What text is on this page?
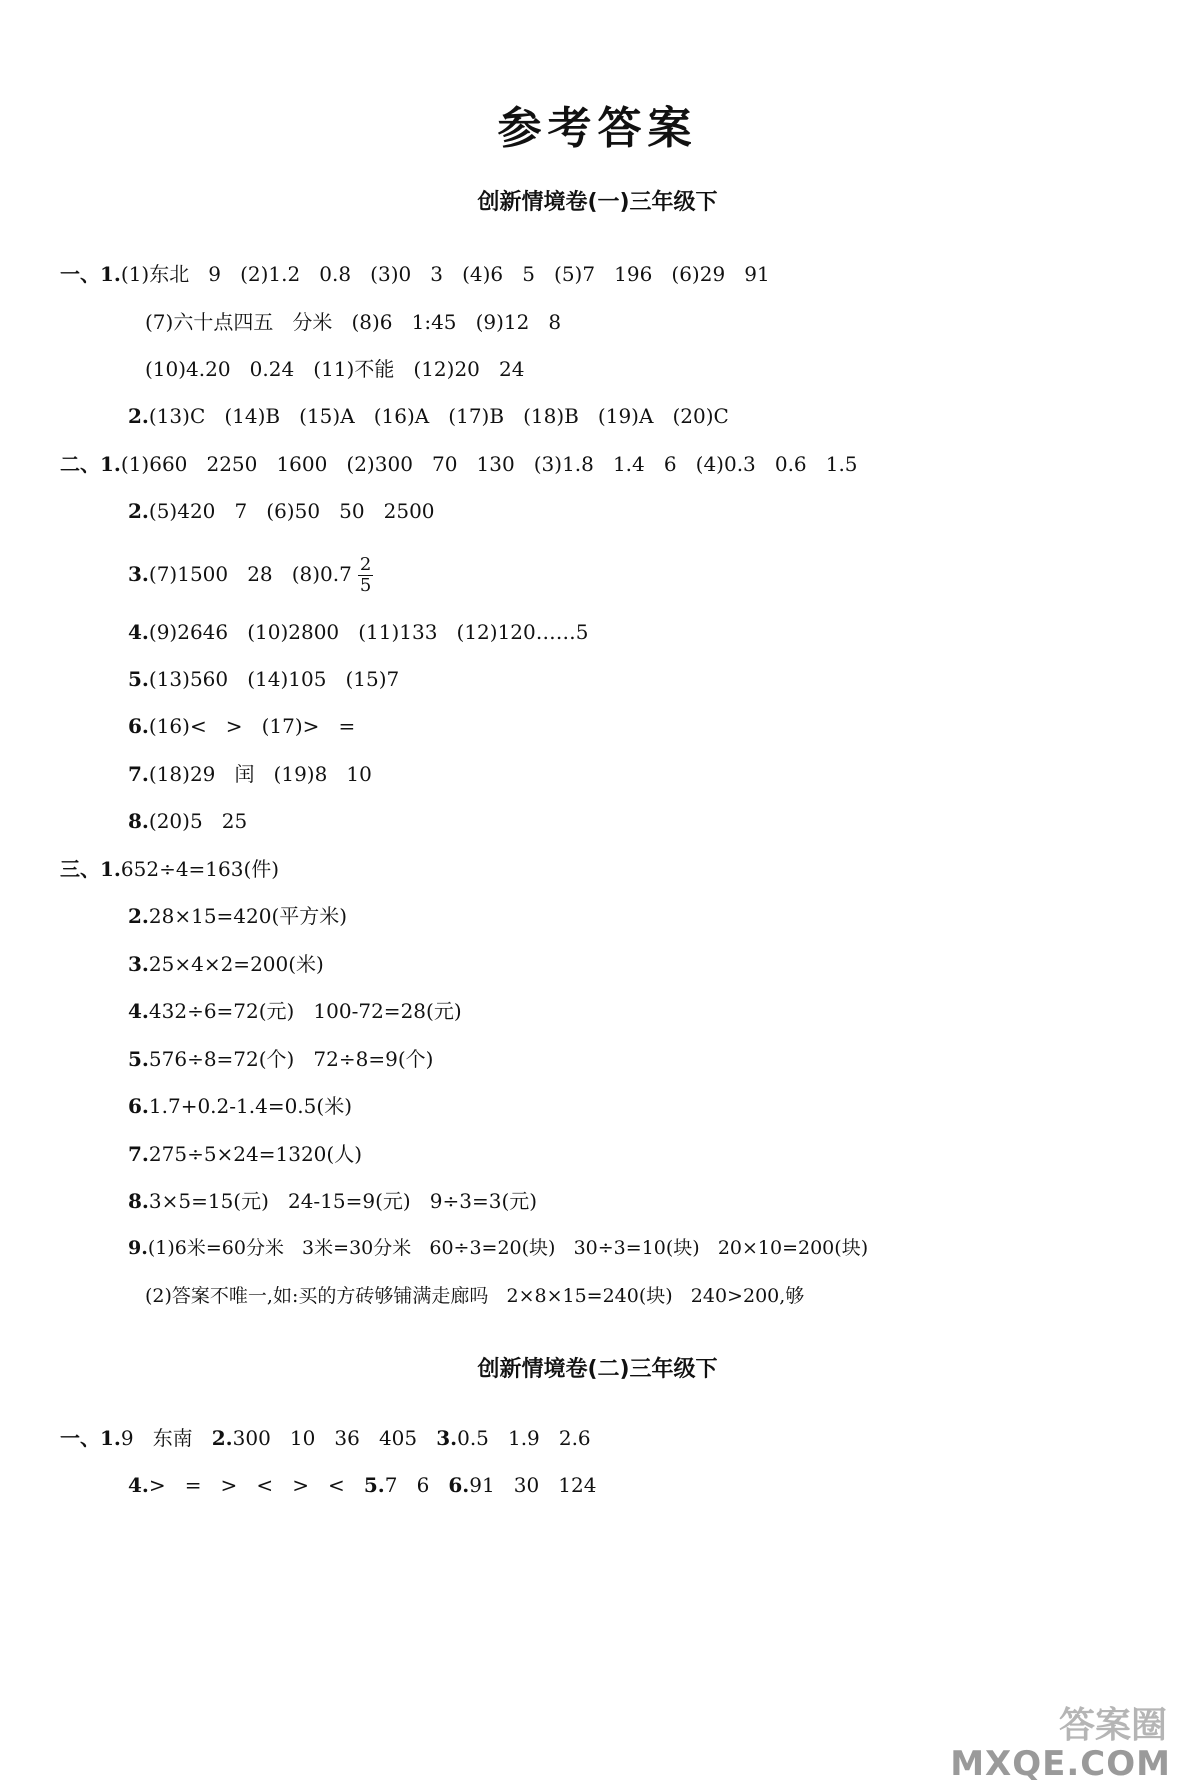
参考答案
创新情境卷(一)三年级下
一、1.(1)东北   9   (2)1.2   0.8   (3)0   3   (4)6   5   (5)7   196   (6)29   91
(7)六十点四五   分米   (8)6   1:45   (9)12   8
(10)4.20   0.24   (11)不能   (12)20   24
2.(13)C   (14)B   (15)A   (16)A   (17)B   (18)B   (19)A   (20)C
二、1.(1)660   2250   1600   (2)300   70   130   (3)1.8   1.4   6   (4)0.3   0.6   1.5
2.(5)420   7   (6)50   50   2500
3.(7)1500   28   $(8)0.7 \frac{2}{5}$
4.(9)2646   (10)2800   (11)133   (12)120……5
5.(13)560   (14)105   (15)7
6.(16)<   >   (17)>   =
7.(18)29   闰   (19)8   10
8.(20)5   25
三、1.652÷4=163(件)
2.28×15=420(平方米)
3.25×4×2=200(米)
4.432÷6=72(元)   100-72=28(元)
5.576÷8=72(个)   72÷8=9(个)
6.1.7+0.2-1.4=0.5(米)
7.275÷5×24=1320(人)
8.3×5=15(元)   24-15=9(元)   9÷3=3(元)
9.(1)6米=60分米   3米=30分米   60÷3=20(块)   30÷3=10(块)   20×10=200(块)
(2)答案不唯一,如:买的方砖够铺满走廊吗   2×8×15=240(块)   240>200,够
创新情境卷(二)三年级下
一、1.9   东南   2.300   10   36   405   3.0.5   1.9   2.6
4.>   =   >   <   >   <   5.7   6   6.91   30   124
答案圈
MXQE.COM
